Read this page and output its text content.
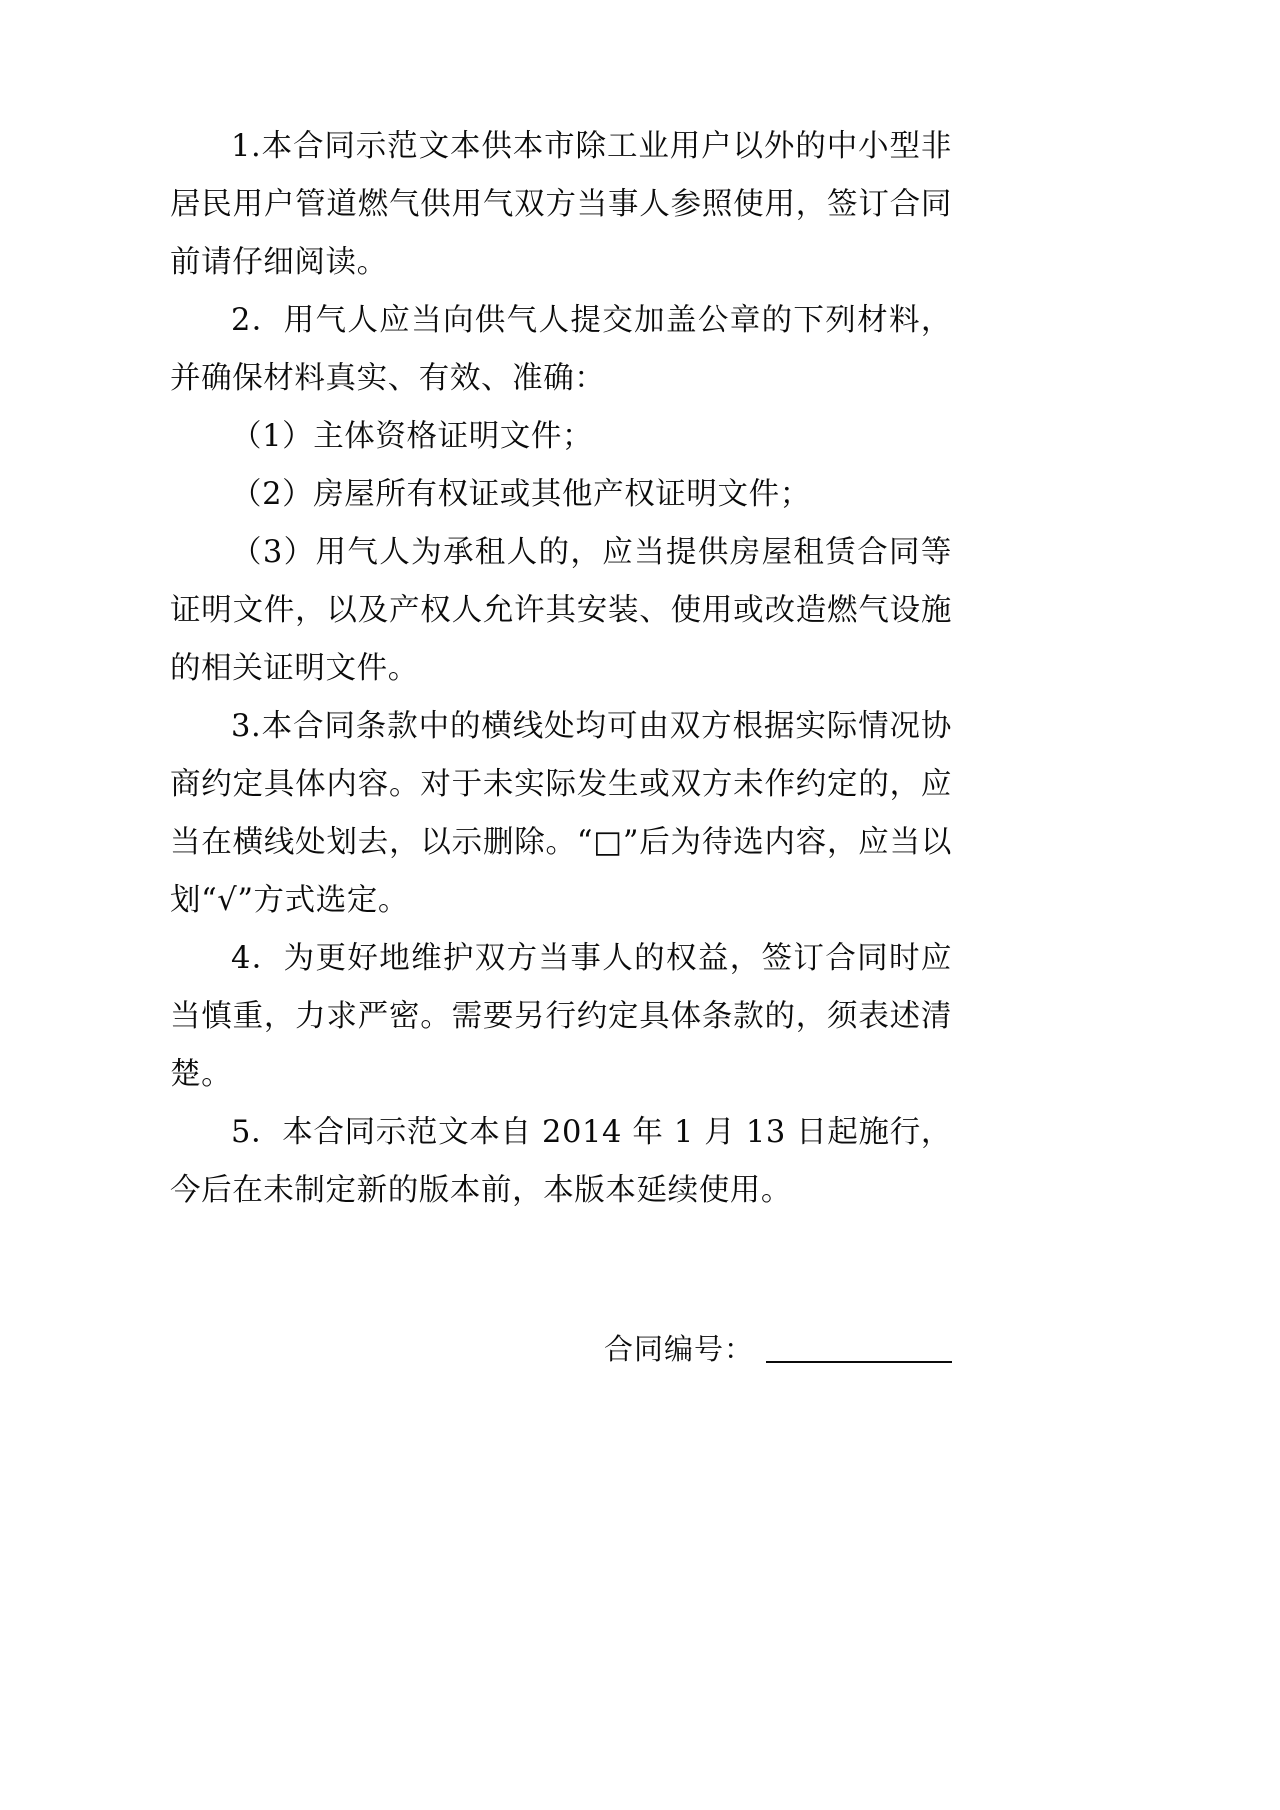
1.本合同示范文本供本市除工业用户以外的中小型非居民用户管道燃气供用气双方当事人参照使用，签订合同前请仔细阅读。

2．用气人应当向供气人提交加盖公章的下列材料，并确保材料真实、有效、准确：

（1）主体资格证明文件；

（2）房屋所有权证或其他产权证明文件；

（3）用气人为承租人的，应当提供房屋租赁合同等证明文件，以及产权人允许其安装、使用或改造燃气设施的相关证明文件。

3.本合同条款中的横线处均可由双方根据实际情况协商约定具体内容。对于未实际发生或双方未作约定的，应当在横线处划去，以示删除。“□”后为待选内容，应当以划“√”方式选定。

4．为更好地维护双方当事人的权益，签订合同时应当慎重，力求严密。需要另行约定具体条款的，须表述清楚。

5．本合同示范文本自 2014 年 1 月 13 日起施行，今后在未制定新的版本前，本版本延续使用。

合同编号：
